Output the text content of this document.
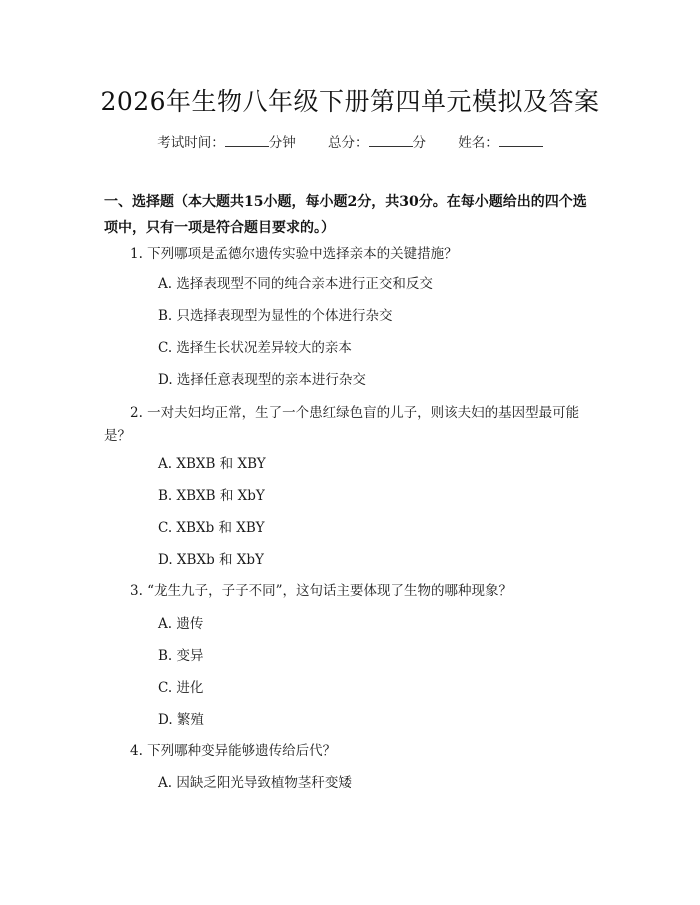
2026年生物八年级下册第四单元模拟及答案
考试时间：	分钟 总分：	分 姓名：
一、选择题（本大题共15小题，每小题2分，共30分。在每小题给出的四个选项中，只有一项是符合题目要求的。）
1. 下列哪项是孟德尔遗传实验中选择亲本的关键措施？
A. 选择表现型不同的纯合亲本进行正交和反交
B. 只选择表现型为显性的个体进行杂交
C. 选择生长状况差异较大的亲本
D. 选择任意表现型的亲本进行杂交
2. 一对夫妇均正常，生了一个患红绿色盲的儿子，则该夫妇的基因型最可能是？
A. XBXB 和 XBY
B. XBXB 和 XbY
C. XBXb 和 XBY
D. XBXb 和 XbY
3. “龙生九子，子子不同”，这句话主要体现了生物的哪种现象？
A. 遗传
B. 变异
C. 进化
D. 繁殖
4. 下列哪种变异能够遗传给后代？
A. 因缺乏阳光导致植物茎秆变矮
